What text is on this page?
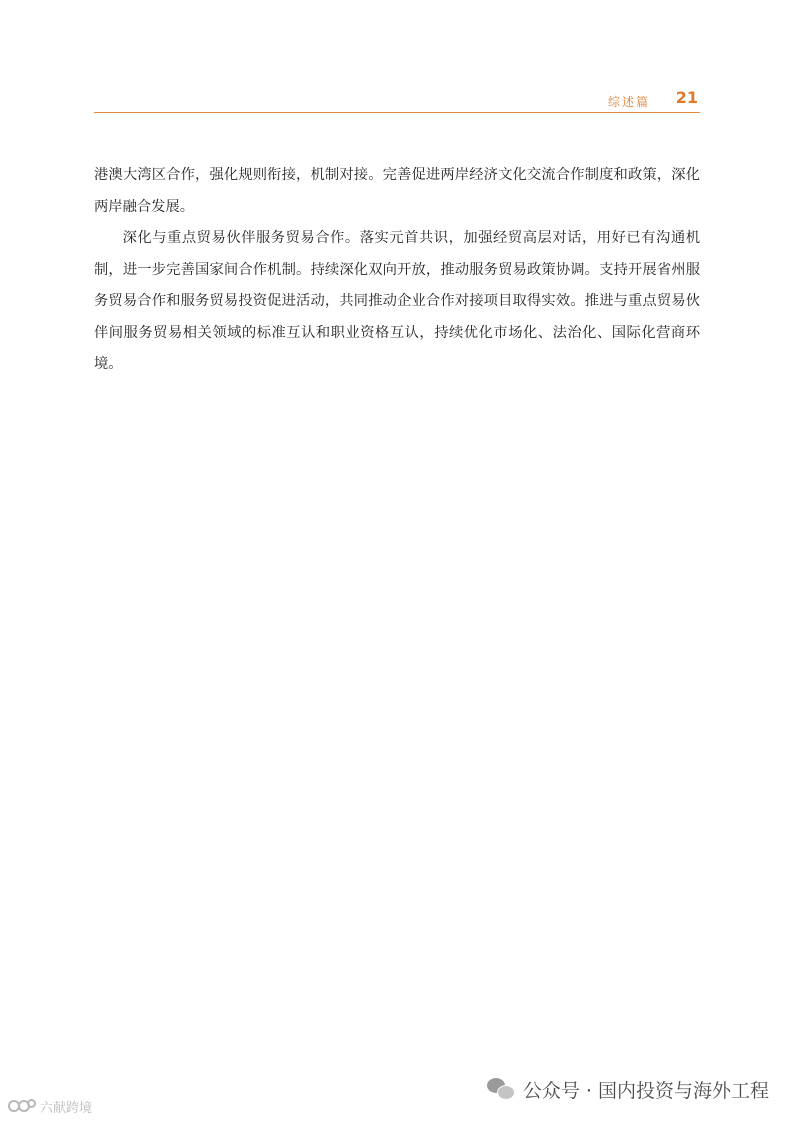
综述篇 21

港澳大湾区合作，强化规则衔接，机制对接。完善促进两岸经济文化交流合作制度和政策，深化两岸融合发展。

深化与重点贸易伙伴服务贸易合作。落实元首共识，加强经贸高层对话，用好已有沟通机制，进一步完善国家间合作机制。持续深化双向开放，推动服务贸易政策协调。支持开展省州服务贸易合作和服务贸易投资促进活动，共同推动企业合作对接项目取得实效。推进与重点贸易伙伴间服务贸易相关领域的标准互认和职业资格互认，持续优化市场化、法治化、国际化营商环境。

公众号 · 国内投资与海外工程
六献跨境
